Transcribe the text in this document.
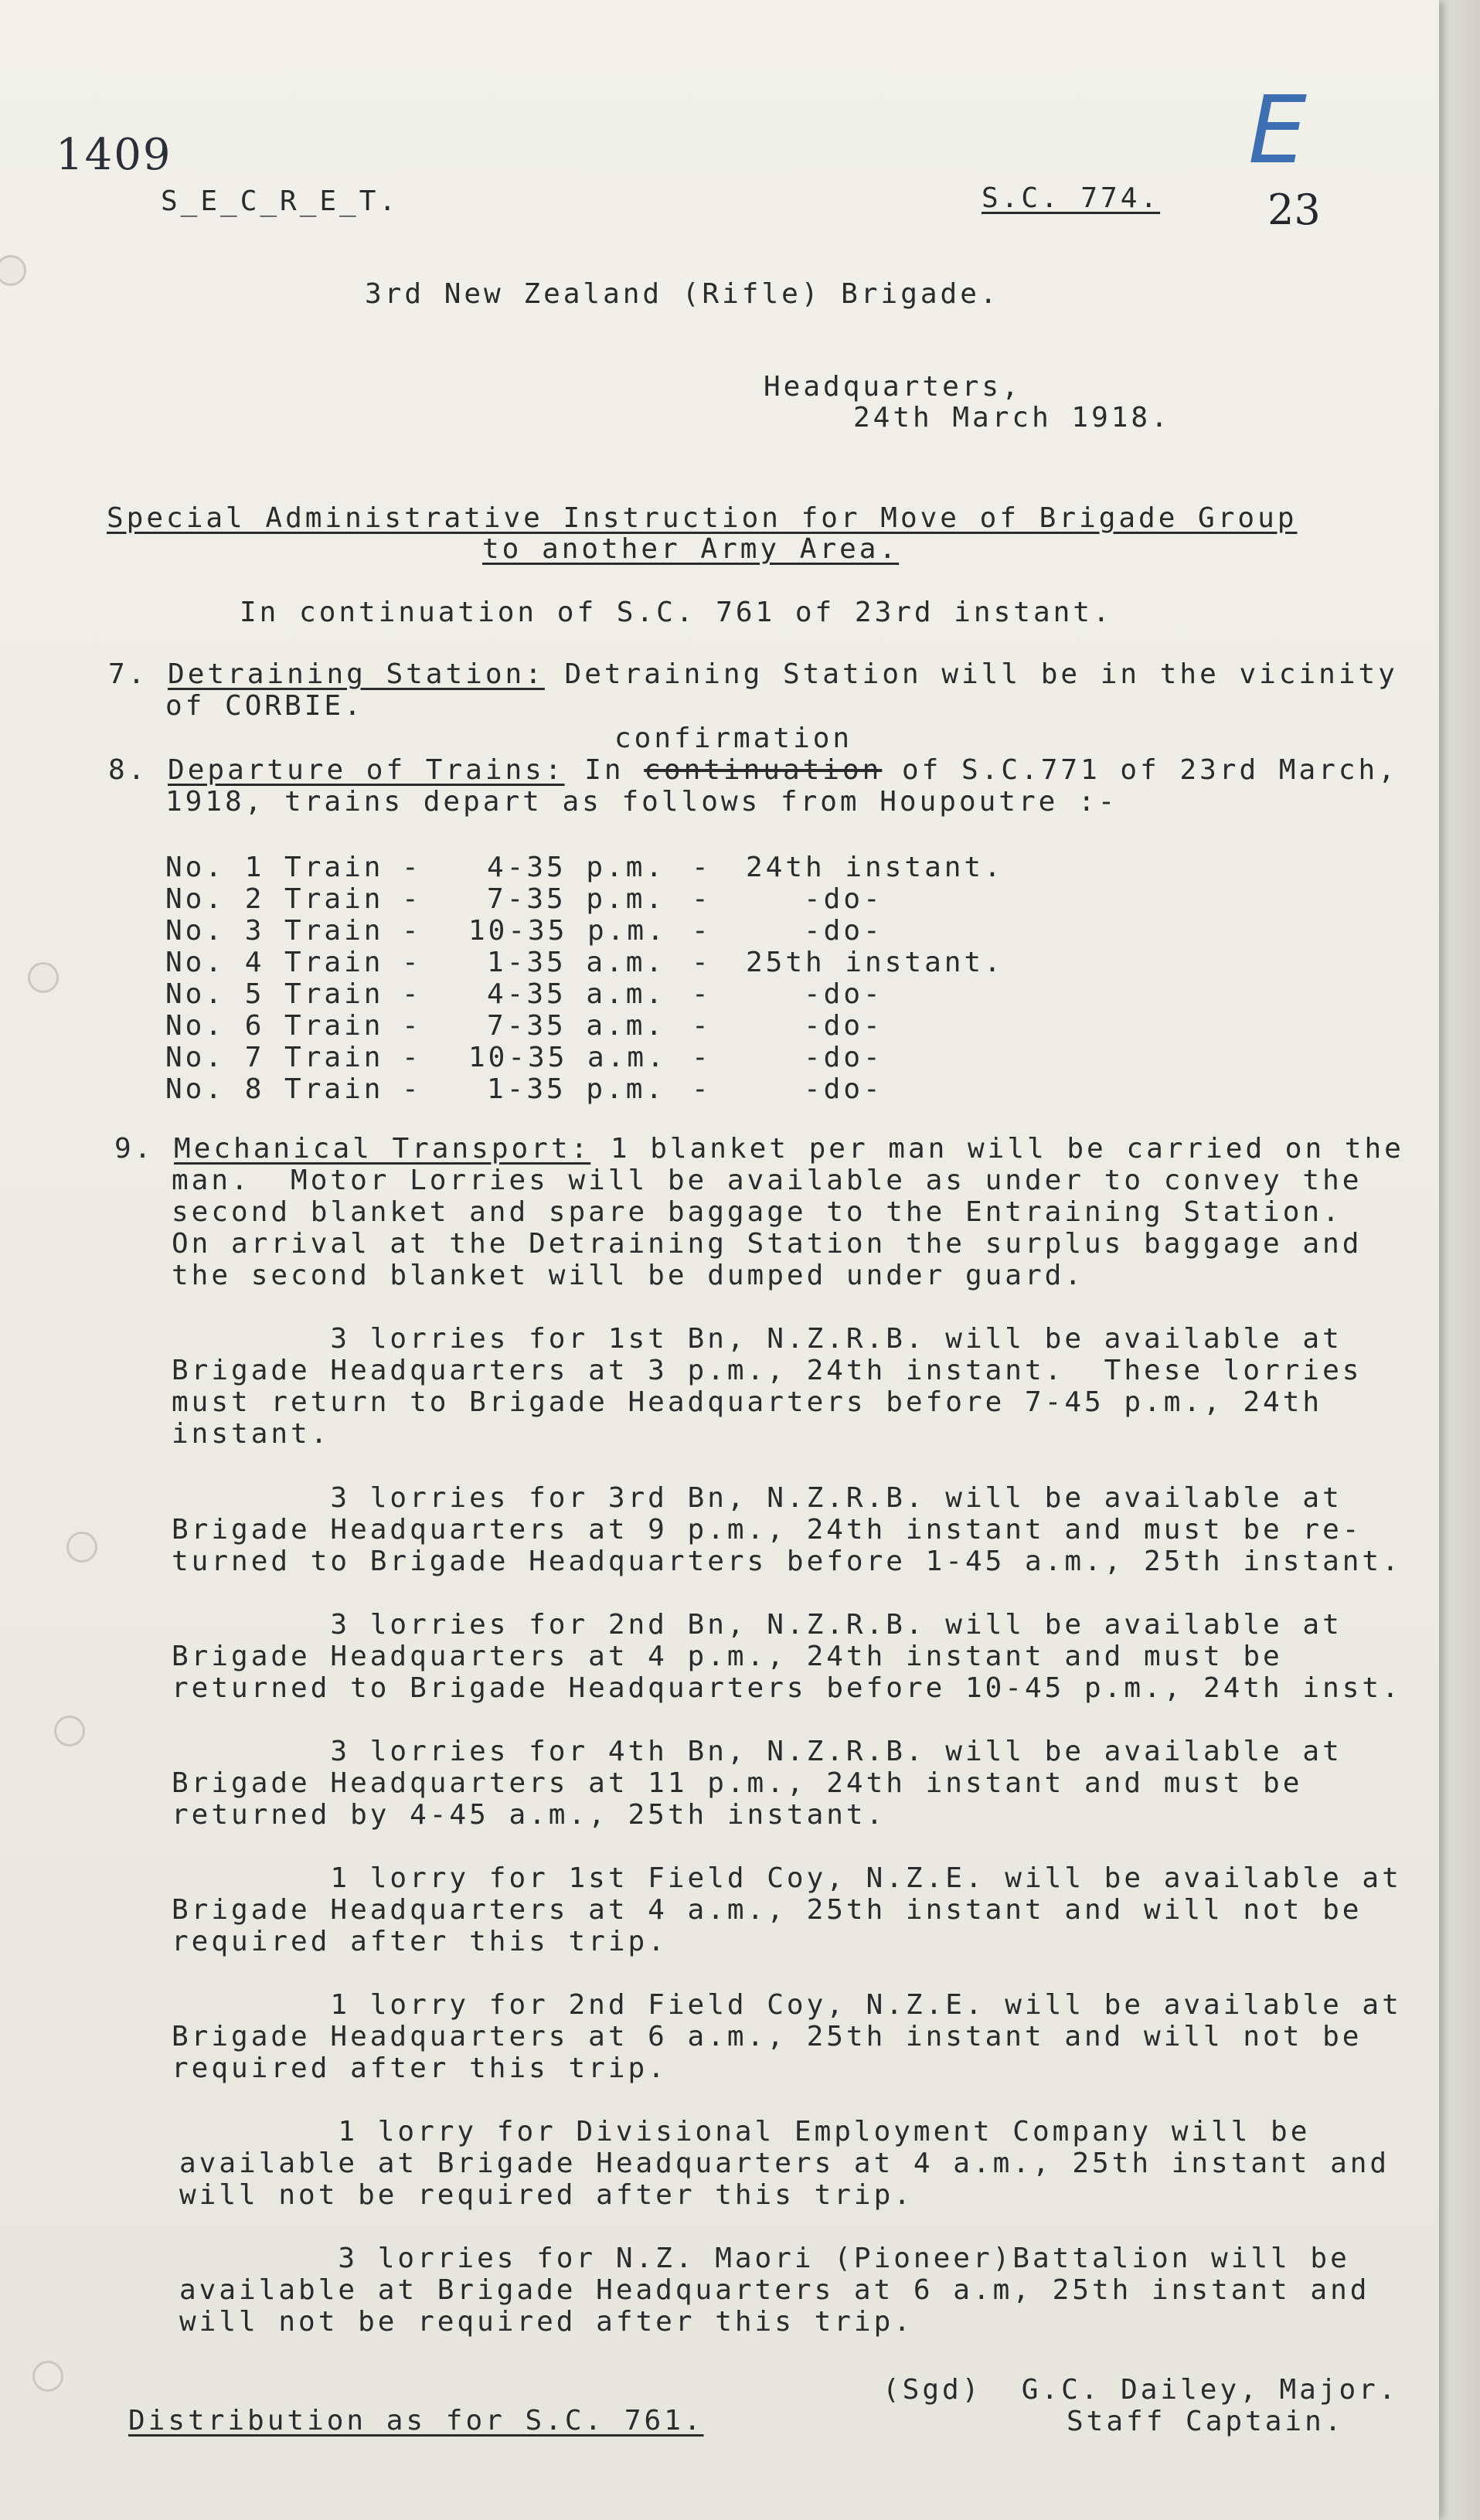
1409
S_E_C_R_E_T.	S.C. 774.
E
23
3rd New Zealand (Rifle) Brigade.
Headquarters,
24th March 1918.
Special Administrative Instruction for Move of Brigade Group
to another Army Area.
In continuation of S.C. 761 of 23rd instant.
7. Detraining Station: Detraining Station will be in the vicinity
of CORBIE.
confirmation
8. Departure of Trains: In continuation of S.C.771 of 23rd March,
1918, trains depart as follows from Houpoutre :-
No. 1 Train	4-35 p.m.	24th instant.
No. 2 Train	7-35 p.m.	-do-
No. 3 Train	10-35 p.m.	-do-
No. 4 Train	1-35 a.m.	25th instant.
No. 5 Train	4-35 a.m.	-do-
No. 6 Train	7-35 a.m.	-do-
No. 7 Train	10-35 a.m.	-do-
No. 8 Train	1-35 p.m.	-do-
-
-
-
-
-
-
-
-
-
-
-
-
-
-
-
-
9. Mechanical Transport: 1 blanket per man will be carried on the
man.  Motor Lorries will be available as under to convey the
second blanket and spare baggage to the Entraining Station.
On arrival at the Detraining Station the surplus baggage and
the second blanket will be dumped under guard.
3 lorries for 1st Bn, N.Z.R.B. will be available at
Brigade Headquarters at 3 p.m., 24th instant.  These lorries
must return to Brigade Headquarters before 7-45 p.m., 24th
instant.
3 lorries for 3rd Bn, N.Z.R.B. will be available at
Brigade Headquarters at 9 p.m., 24th instant and must be re-
turned to Brigade Headquarters before 1-45 a.m., 25th instant.
3 lorries for 2nd Bn, N.Z.R.B. will be available at
Brigade Headquarters at 4 p.m., 24th instant and must be
returned to Brigade Headquarters before 10-45 p.m., 24th inst.
3 lorries for 4th Bn, N.Z.R.B. will be available at
Brigade Headquarters at 11 p.m., 24th instant and must be
returned by 4-45 a.m., 25th instant.
1 lorry for 1st Field Coy, N.Z.E. will be available at
Brigade Headquarters at 4 a.m., 25th instant and will not be
required after this trip.
1 lorry for 2nd Field Coy, N.Z.E. will be available at
Brigade Headquarters at 6 a.m., 25th instant and will not be
required after this trip.
1 lorry for Divisional Employment Company will be
available at Brigade Headquarters at 4 a.m., 25th instant and
will not be required after this trip.
3 lorries for N.Z. Maori (Pioneer)Battalion will be
available at Brigade Headquarters at 6 a.m, 25th instant and
will not be required after this trip.
(Sgd)  G.C. Dailey, Major.
Staff Captain.
Distribution as for S.C. 761.
